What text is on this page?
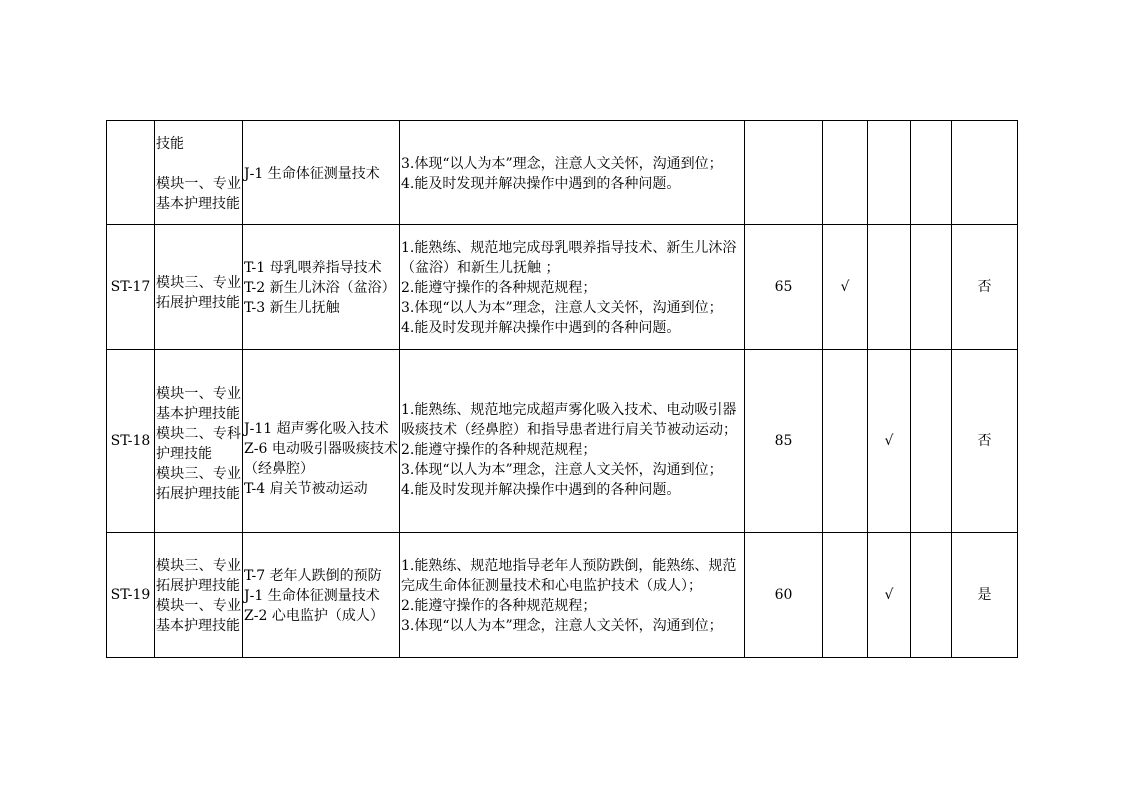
	技能

模块一、专业基本护理技能	J-1 生命体征测量技术	3.体现“以人为本”理念，注意人文关怀，沟通到位；
4.能及时发现并解决操作中遇到的各种问题。					

ST-17	模块三、专业拓展护理技能	T-1 母乳喂养指导技术
T-2 新生儿沐浴（盆浴）
T-3 新生儿抚触	1.能熟练、规范地完成母乳喂养指导技术、新生儿沐浴（盆浴）和新生儿抚触 ；
2.能遵守操作的各种规范规程；
3.体现“以人为本”理念，注意人文关怀，沟通到位；
4.能及时发现并解决操作中遇到的各种问题。	65	√			否
ST-18	模块一、专业基本护理技能
模块二、专科护理技能
模块三、专业拓展护理技能	J-11 超声雾化吸入技术
Z-6 电动吸引器吸痰技术（经鼻腔）
T-4 肩关节被动运动	1.能熟练、规范地完成超声雾化吸入技术、电动吸引器吸痰技术（经鼻腔）和指导患者进行肩关节被动运动；
2.能遵守操作的各种规范规程；
3.体现“以人为本”理念，注意人文关怀，沟通到位；
4.能及时发现并解决操作中遇到的各种问题。	85		√		否
ST-19	模块三、专业拓展护理技能
模块一、专业基本护理技能	T-7 老年人跌倒的预防
J-1 生命体征测量技术
Z-2 心电监护（成人）	1.能熟练、规范地指导老年人预防跌倒，能熟练、规范完成生命体征测量技术和心电监护技术（成人）；
2.能遵守操作的各种规范规程；
3.体现“以人为本”理念，注意人文关怀，沟通到位；	60		√		是
